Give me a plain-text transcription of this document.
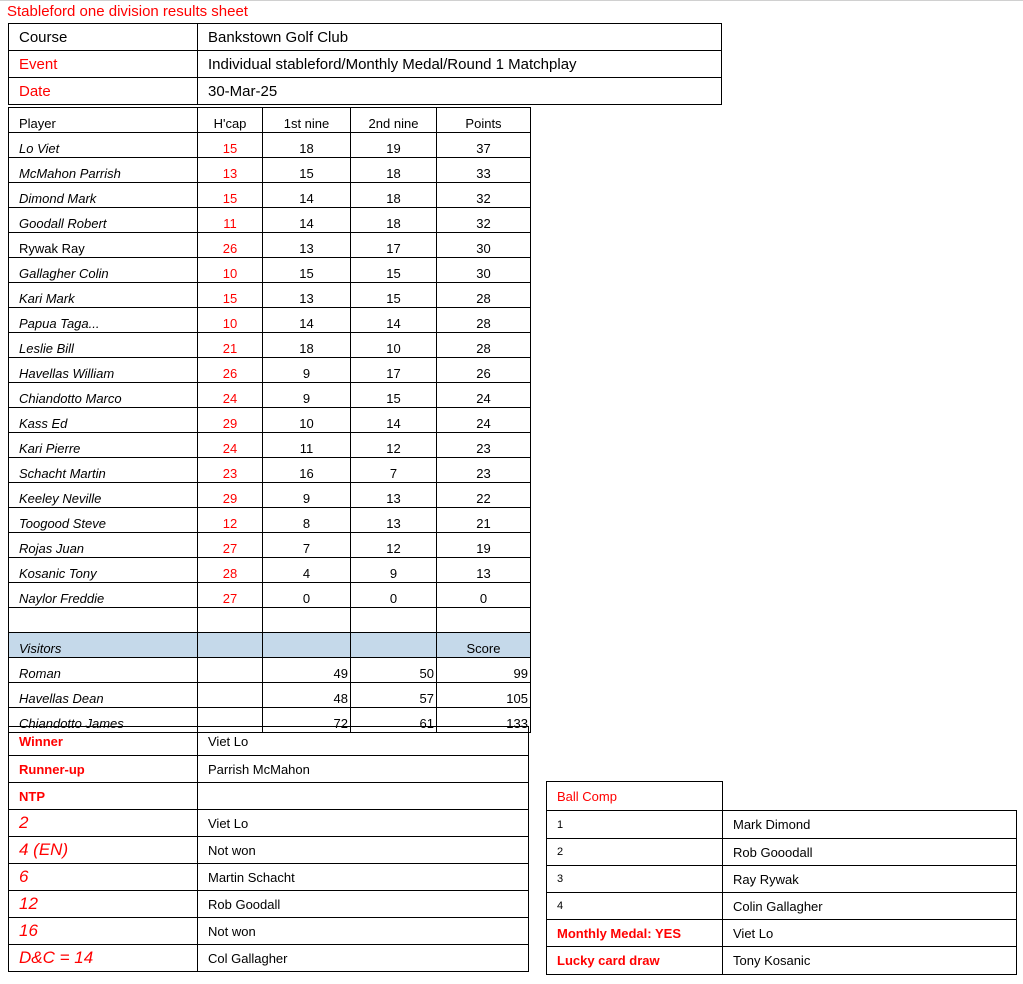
Stableford one division results sheet
Course	Bankstown Golf Club
Event	Individual stableford/Monthly Medal/Round 1 Matchplay
Date	30-Mar-25
Player	H'cap	1st nine	2nd nine	Points
Lo Viet	15	18	19	37
McMahon Parrish	13	15	18	33
Dimond Mark	15	14	18	32
Goodall Robert	11	14	18	32
Rywak Ray	26	13	17	30
Gallagher Colin	10	15	15	30
Kari Mark	15	13	15	28
Papua Taga...	10	14	14	28
Leslie Bill	21	18	10	28
Havellas William	26	9	17	26
Chiandotto Marco	24	9	15	24
Kass Ed	29	10	14	24
Kari Pierre	24	11	12	23
Schacht Martin	23	16	7	23
Keeley Neville	29	9	13	22
Toogood Steve	12	8	13	21
Rojas Juan	27	7	12	19
Kosanic Tony	28	4	9	13
Naylor Freddie	27	0	0	0

Visitors				Score
Roman		49	50	99
Havellas Dean		48	57	105
Chiandotto James		72	61	133
Winner	Viet Lo
Runner-up	Parrish McMahon
NTP	
2	Viet Lo
4 (EN)	Not won
6	Martin Schacht
12	Rob Goodall
16	Not won
D&C = 14	Col Gallagher
Ball Comp	
1	Mark Dimond
2	Rob Gooodall
3	Ray Rywak
4	Colin Gallagher
Monthly Medal: YES	Viet Lo
Lucky card draw	Tony Kosanic
